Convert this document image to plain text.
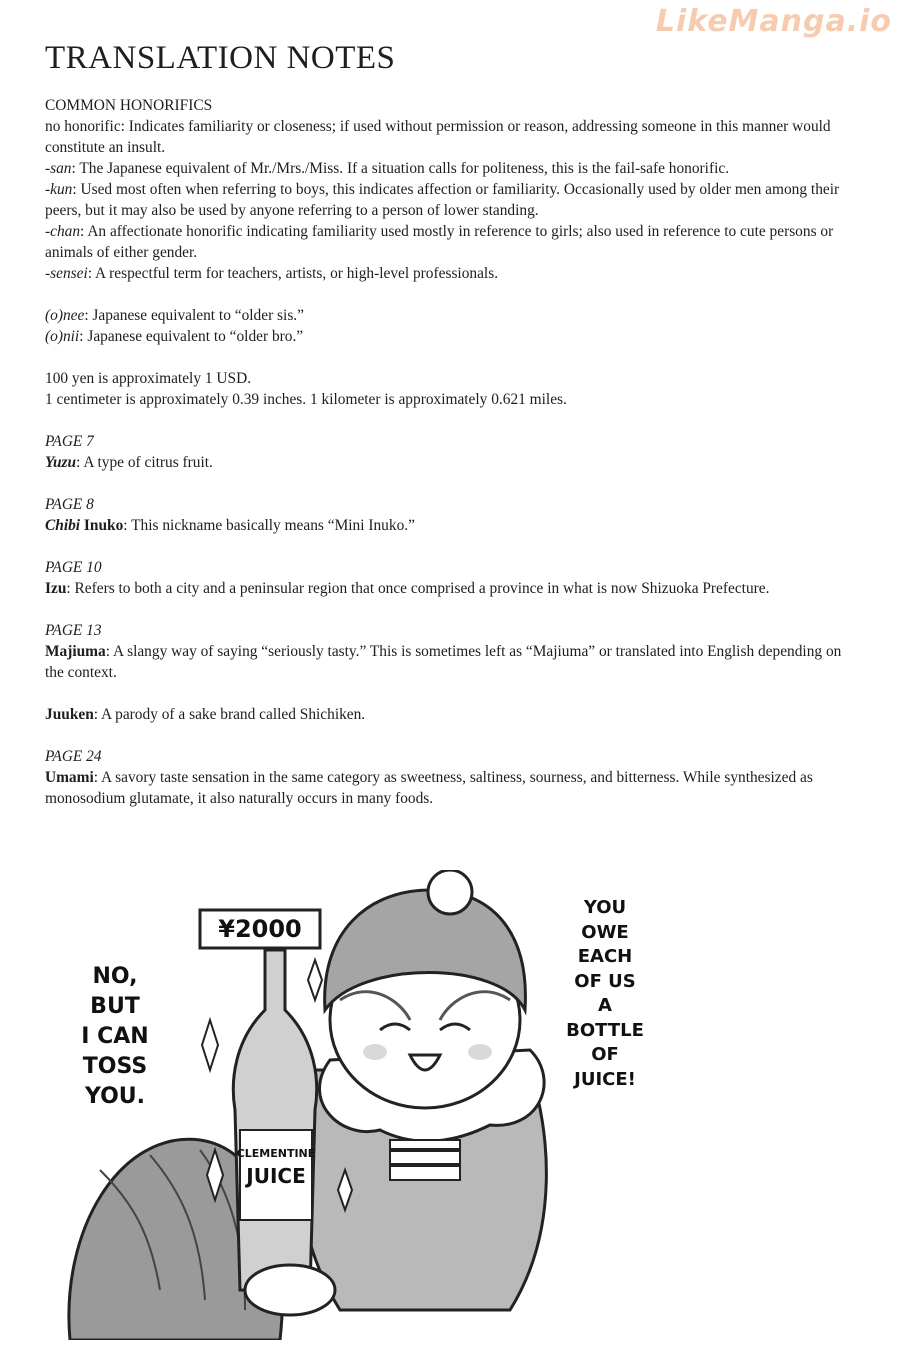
LikeManga.io
TRANSLATION NOTES

COMMON HONORIFICS

no honorific: Indicates familiarity or closeness; if used without permission or reason, addressing someone in this manner would constitute an insult.

-san: The Japanese equivalent of Mr./Mrs./Miss. If a situation calls for politeness, this is the fail-safe honorific.

-kun: Used most often when referring to boys, this indicates affection or familiarity. Occasionally used by older men among their peers, but it may also be used by anyone referring to a person of lower standing.

-chan: An affectionate honorific indicating familiarity used mostly in reference to girls; also used in reference to cute persons or animals of either gender.

-sensei: A respectful term for teachers, artists, or high-level professionals.

(o)nee: Japanese equivalent to “older sis.”

(o)nii: Japanese equivalent to “older bro.”

100 yen is approximately 1 USD.

1 centimeter is approximately 0.39 inches. 1 kilometer is approximately 0.621 miles.

PAGE 7

Yuzu: A type of citrus fruit.

PAGE 8

Chibi Inuko: This nickname basically means “Mini Inuko.”

PAGE 10

Izu: Refers to both a city and a peninsular region that once comprised a province in what is now Shizuoka Prefecture.

PAGE 13

Majiuma: A slangy way of saying “seriously tasty.” This is sometimes left as “Majiuma” or translated into English depending on the context.

Juuken: A parody of a sake brand called Shichiken.

PAGE 24

Umami: A savory taste sensation in the same category as sweetness, saltiness, sourness, and bitterness. While synthesized as monosodium glutamate, it also naturally occurs in many foods.

¥2000
CLEMENTINE
JUICE
NO,
BUT
I CAN
TOSS
YOU.
YOU
OWE
EACH
OF US
A
BOTTLE
OF
JUICE!
